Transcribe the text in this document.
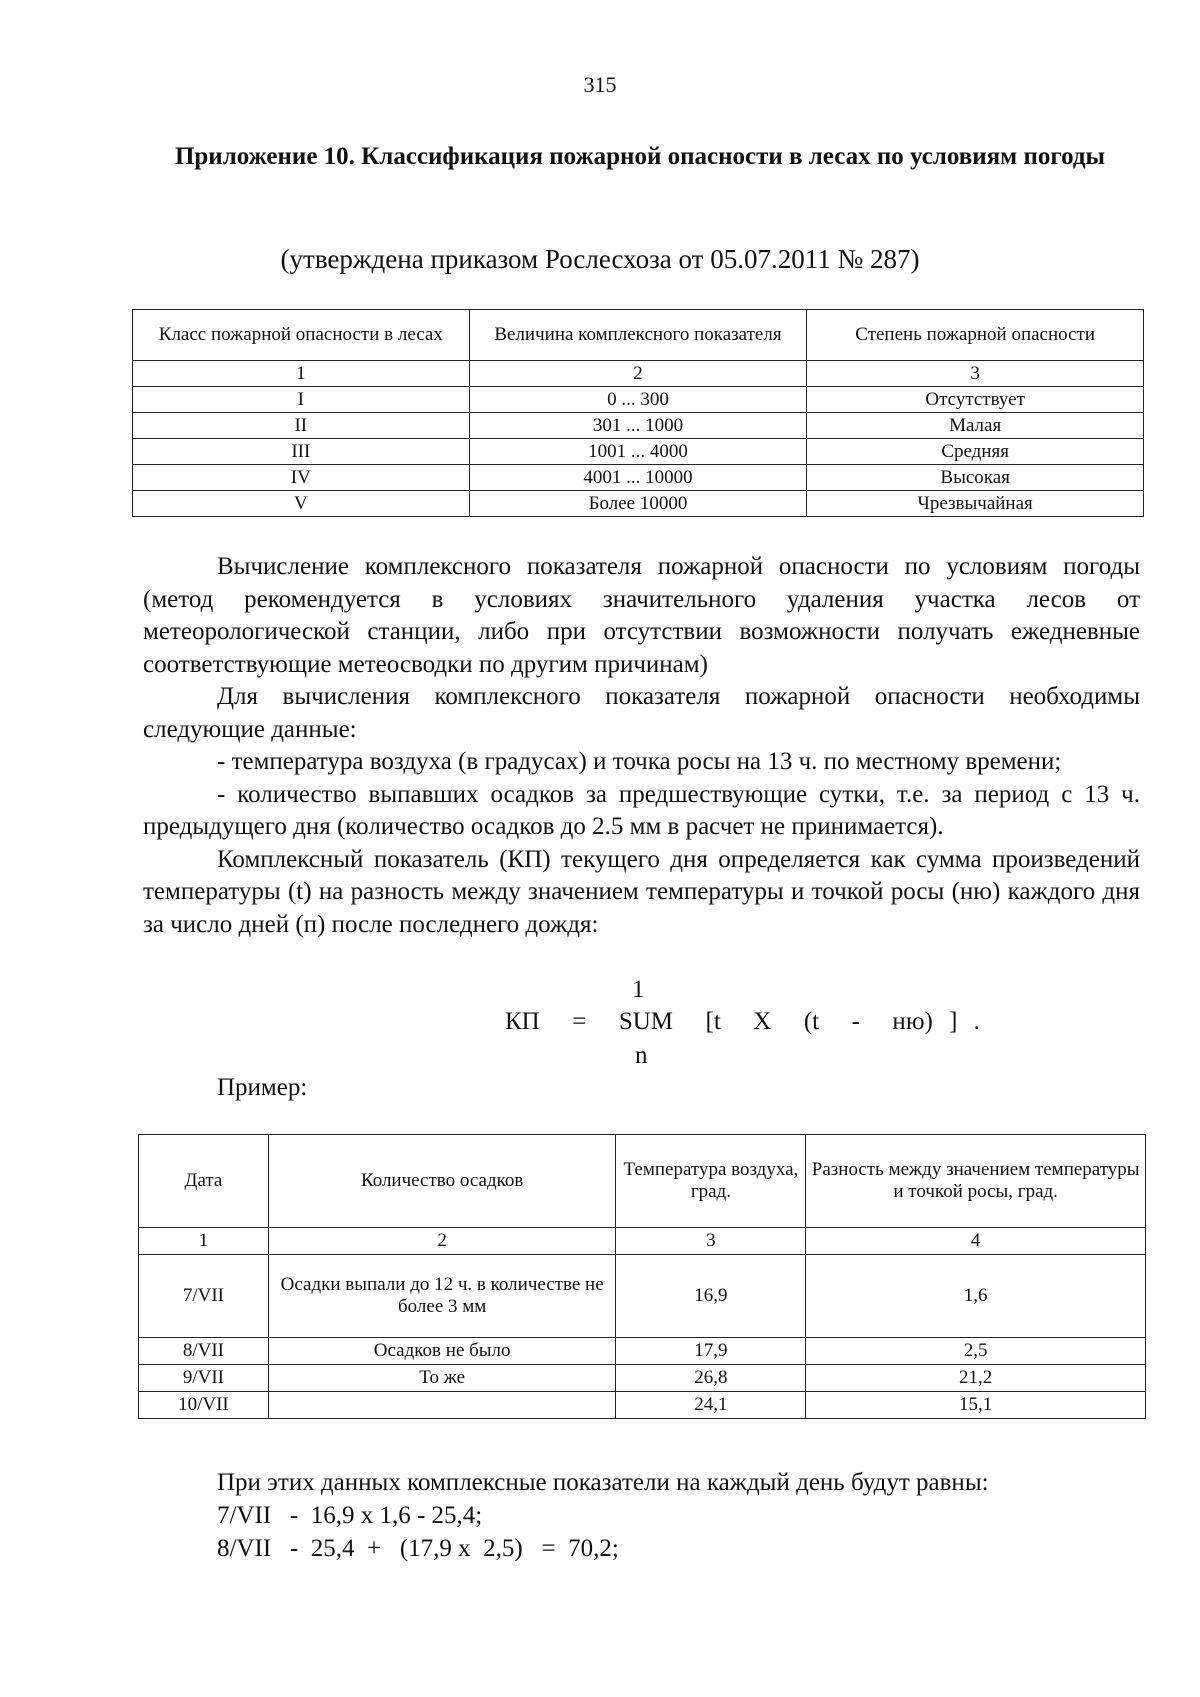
315
Приложение 10. Классификация пожарной опасности в лесах по условиям погоды
(утверждена приказом Рослесхоза от 05.07.2011 № 287)
Класс пожарной опасности в лесах	Величина комплексного показателя	Степень пожарной опасности
1	2	3
I	0 ... 300	Отсутствует
II	301 ... 1000	Малая
III	1001 ... 4000	Средняя
IV	4001 ... 10000	Высокая
V	Более 10000	Чрезвычайная

Вычисление комплексного показателя пожарной опасности по условиям погоды (метод рекомендуется в условиях значительного удаления участка лесов от метеорологической станции, либо при отсутствии возможности получать ежедневные соответствующие метеосводки по другим причинам)

Для вычисления комплексного показателя пожарной опасности необходимы следующие данные:

- температура воздуха (в градусах) и точка росы на 13 ч. по местному времени;

- количество выпавших осадков за предшествующие сутки, т.е. за период с 13 ч. предыдущего дня (количество осадков до 2.5 мм в расчет не принимается).

Комплексный показатель (КП) текущего дня определяется как сумма произведений температуры (t) на разность между значением температуры и точкой росы (ню) каждого дня за число дней (п) после последнего дождя:

1
КП  =  SUM  [t  X  (t  -  ню) ] .
n
Пример:
Дата	Количество осадков	Температура воздуха, град.	Разность между значением температуры и точкой росы, град.
1	2	3	4
7/VII	Осадки выпали до 12 ч. в количестве не более 3 мм	16,9	1,6
8/VII	Осадков не было	17,9	2,5
9/VII	То же	26,8	21,2
10/VII		24,1	15,1
При этих данных комплексные показатели на каждый день будут равны:
7/VII   -  16,9 х 1,6 - 25,4;
8/VII   -  25,4  +   (17,9 х  2,5)   =  70,2;
